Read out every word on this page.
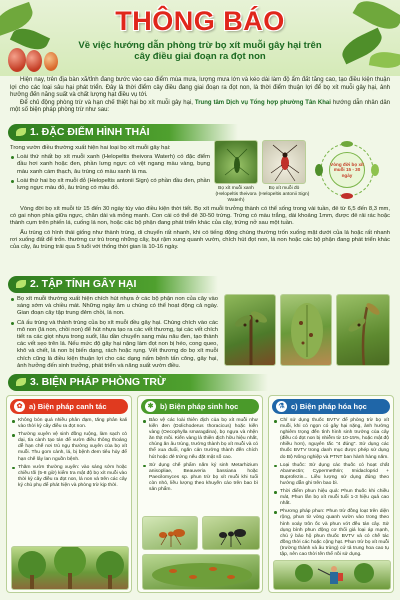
THÔNG BÁO
Về việc hướng dẫn phòng trừ bọ xít muỗi gây hại trên cây điều giai đoạn ra đọt non

Hiện nay, trên địa bàn xã/tỉnh đang bước vào cao điểm mùa mưa, lượng mưa lớn và kéo dài làm độ ẩm đất tăng cao, tạo điều kiện thuận lợi cho các loại sâu hại phát triển. Đây là thời điểm cây điều đang giai đoạn ra đọt non, là thời điểm thuận lợi để bọ xít muỗi gây hại, ảnh hưởng đến năng suất và chất lượng hạt điều vụ tới.

Để chủ động phòng trừ và hạn chế thiệt hại bọ xít muỗi gây hại, Trung tâm Dịch vụ Tổng hợp phường Tân Khai hướng dẫn nhân dân một số biện pháp phòng trừ như sau:

1. ĐẶC ĐIỂM HÌNH THÁI

Trong vườn điều thường xuất hiện hai loại bọ xít muỗi gây hại:

Loài thứ nhất bọ xít muỗi xanh (Helopeltis theivora Waterh) có đặc điểm đầu hơi xanh hoặc đen, phần lưng ngực có vệt ngang màu vàng, bụng màu xanh cám thạch, âu trùng có màu xanh lá ma.

Loài thứ hai bọ xít muỗi đỏ (Helopeltis antonii Sign) có phần đầu đen, phần lưng ngực màu đỏ, âu trùng có màu đỏ.	Bọ xít muỗi xanh (Helopeltis theivora Waterh)
Bọ xít muỗi đỏ (Helopeltis antonii Sign)
Vòng đời bọ xít muỗi 15 - 30 ngày

Vòng đời bọ xít muỗi từ 15 đến 30 ngày tùy vào điều kiện thời tiết. Bọ xít muỗi trưởng thành có thể sống trong vài tuần, đẻ từ 6,5 đến 8,3 mm, có gai nhọn phía giữa ngực, chân dài và mỏng manh. Con cái có thể đẻ 30-50 trứng. Trứng có màu trắng, dài khoảng 1mm, được đẻ rải rác hoặc thành cụm trên phiến lá, cuống lá non, hoặc các bộ phận đang phát triển khác của cây, trứng nở sau một tuần.

Ấu trùng có hình thái giống như thành trùng, di chuyển rất nhanh, khi có tiếng động chúng thường trốn xuống mặt dưới của lá hoặc rất nhanh rơi xuống đất để trốn. thường cư trú trong những cây, bụi rậm xung quanh vườn, chích hút đọt non, lá non hoặc các bộ phận đang phát triển khác của cây, âu trùng trải qua 5 tuổi với thống thời gian là 10-16 ngày.

2. TẬP TÍNH GÂY HẠI

Bọ xít muỗi thường xuất hiện chích hút nhựa ở các bộ phận non của cây vào sáng sớm và chiều mát. Những ngày âm u chúng có thể hoạt động cả ngày. Gian đoạn cây tập trung đẻm chồi, lá non.

Cả ấu trùng và thành trùng của bọ xít muỗi đều gây hại. Chúng chích vào các mô non (lá non, chồi non) để hút nhựa tạo ra các vết thương, tại các vết chích tiết ra các giọt nhựa trong suốt, lâu dần chuyển sang màu nâu đen, tạo thành các vết sẹo trên lá. Nếu mức độ gây hại nặng làm đọt non bị héo, cong queo, khô và chết, lá non bị biến dạng, rách hoặc rụng. Vết thương do bọ xít muỗi chích cũng là điều kiện thuận lợi cho các dạng nấm bệnh tấn công, gây hại, ảnh hưởng đến sinh trưởng, phát triển và năng suất vườn điều.

3. BIỆN PHÁP PHÒNG TRỪ
✿ a) Biện pháp canh tác

Không bón quá nhiều phân đạm, tăng phân kali vào thời kỳ cây điều ra đọt non.

Thường xuyên vệ sinh đồng ruộng, làm sạch cỏ dại, tỉa cành tạo tán để vườn điều thông thoáng dễ hạn chế nơi trú ngụ thường xuyên của bọ xít muỗi. Thu gom cành, lá, bị bệnh đem tiêu hủy để hạn chế lây lan nguồn bệnh.

Thăm vườn thường xuyên: vào sáng sớm hoặc chiều tối (5-8 giờ) kiểm tra mật độ bọ xít muỗi vào thời kỳ cây điều ra đọt non, lá non và trên các cây ký chủ phụ để phát hiện và phòng trừ kịp thời.

✱ b) Biện pháp sinh học

Bảo vệ các loài thiên địch của bọ xít muỗi như kiến đen (Dolichoderus thoracicus) hoặc kiến vàng (Oecophylla smaragdina), bọ ngựa và nhện ăn thịt mồi. Kiến vàng là thiên địch hữu hiệu nhất, chúng ăn âu trùng, trưởng thành bọ xít muỗi và có thể xua đuổi, ngăn cản trưởng thành đến chích hút hoặc đẻ trứng nếu đặt mật số cao.

Sử dụng chế phẩm nấm ký sinh Metarhizium anisopliae, Beauveria bassiana hoặc Paecilomyces sp. phun trừ bọ xít muỗi khi tuổi còn nhỏ, liều lượng theo khuyến cáo trên bao bì sản phẩm.

⚗ c) Biện pháp hóa học

Chỉ sử dụng thuốc BVTV để phòng trừ bọ xít muỗi, khi có ngọn có gây hại nặng, ảnh hưởng nghiêm trọng đến tình hình sinh trưởng của cây (điều có đọt non bị nhiễm từ 10-15%, hoặc mật độ nhiều hơn), nguyên tắc "4 đúng". Sử dụng các thuốc BVTV trong danh mục được phép sử dụng do Bộ Nông nghiệp và PTNT ban hành hàng năm.

Loại thuốc: Sử dụng các thuốc có hoạt chất Abamectin; Cypermethrin; Imidacloprid + Buprofezin... Liều lượng sử dụng đúng theo hướng dẫn ghi trên bao bì.

Thời điểm phun hiệu quả: Phun thuốc khi chiều mát, Phun lần bọ xít muỗi tuổi 1-3 hiệu quả cao nhất.

Phương pháp phun: Phun trừ đồng loạt trên diện rộng, phun từ vòng quanh vườn vào trong theo hình xoáy trôn ốc và phun vớt đều tán cây. Sử dụng bình phun động cơ thổi giá loại áp mạnh, chú ý bảo hộ phun thuốc BVTV và có chế tác đồng thời các hoặc cộng hạt. Phun trừ bọ xít muỗi (trường thành và âu trùng) cứ tả trung hoa cao tụ tập, nên cao thời tên thể nồi sử dụng.
